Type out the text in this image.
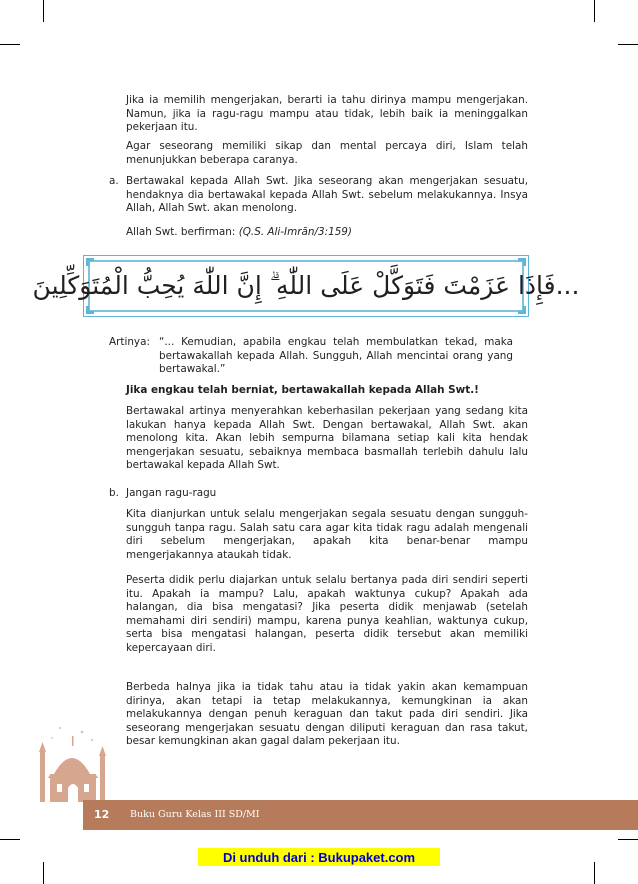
Jika ia memilih mengerjakan, berarti ia tahu dirinya mampu mengerjakan. Namun, jika ia ragu-ragu mampu atau tidak, lebih baik ia meninggalkan pekerjaan itu.

Agar seseorang memiliki sikap dan mental percaya diri, Islam telah menunjukkan beberapa caranya.

a. Bertawakal kepada Allah Swt. Jika seseorang akan mengerjakan sesuatu, hendaknya dia bertawakal kepada Allah Swt. sebelum melakukannya. Insya Allah, Allah Swt. akan menolong.

Allah Swt. berfirman: (Q.S. Ali-Imrān/3:159)
...فَإِذَا عَزَمْتَ فَتَوَكَّلْ عَلَى اللّٰهِ ۗ إِنَّ اللّٰهَ يُحِبُّ الْمُتَوَكِّلِينَ
Artinya: “... Kemudian, apabila engkau telah membulatkan tekad, maka bertawakallah kepada Allah. Sungguh, Allah mencintai orang yang bertawakal.”

Jika engkau telah berniat, bertawakallah kepada Allah Swt.!

Bertawakal artinya menyerahkan keberhasilan pekerjaan yang sedang kita lakukan hanya kepada Allah Swt. Dengan bertawakal, Allah Swt. akan menolong kita. Akan lebih sempurna bilamana setiap kali kita hendak mengerjakan sesuatu, sebaiknya membaca basmallah terlebih dahulu lalu bertawakal kepada Allah Swt.

b. Jangan ragu-ragu

Kita dianjurkan untuk selalu mengerjakan segala sesuatu dengan sungguh-sungguh tanpa ragu. Salah satu cara agar kita tidak ragu adalah mengenali diri sebelum mengerjakan, apakah kita benar-benar mampu mengerjakannya ataukah tidak.

Peserta didik perlu diajarkan untuk selalu bertanya pada diri sendiri seperti itu. Apakah ia mampu? Lalu, apakah waktunya cukup? Apakah ada halangan, dia bisa mengatasi? Jika peserta didik menjawab (setelah memahami diri sendiri) mampu, karena punya keahlian, waktunya cukup, serta bisa mengatasi halangan, peserta didik tersebut akan memiliki kepercayaan diri.

Berbeda halnya jika ia tidak tahu atau ia tidak yakin akan kemampuan dirinya, akan tetapi ia tetap melakukannya, kemungkinan ia akan melakukannya dengan penuh keraguan dan takut pada diri sendiri. Jika seseorang mengerjakan sesuatu dengan diliputi keraguan dan rasa takut, besar kemungkinan akan gagal dalam pekerjaan itu.

12 Buku Guru Kelas III SD/MI
Di unduh dari : Bukupaket.com
